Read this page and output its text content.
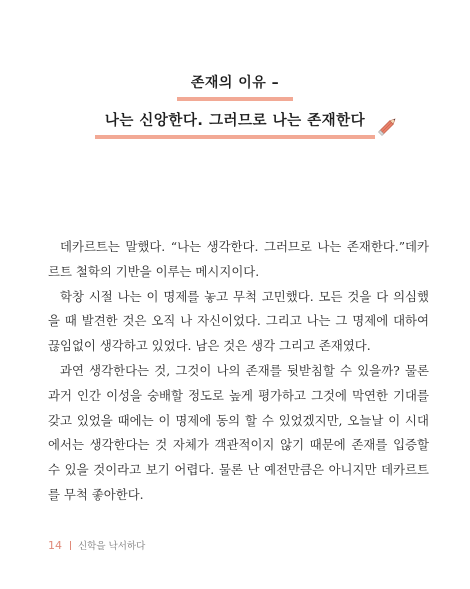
존재의 이유 –
나는 신앙한다. 그러므로 나는 존재한다

데카르트는 말했다. “나는 생각한다. 그러므로 나는 존재한다.”데카르트 철학의 기반을 이루는 메시지이다.

학창 시절 나는 이 명제를 놓고 무척 고민했다. 모든 것을 다 의심했을 때 발견한 것은 오직 나 자신이었다. 그리고 나는 그 명제에 대하여 끊임없이 생각하고 있었다. 남은 것은 생각 그리고 존재였다.

과연 생각한다는 것, 그것이 나의 존재를 뒷받침할 수 있을까? 물론 과거 인간 이성을 숭배할 정도로 높게 평가하고 그것에 막연한 기대를 갖고 있었을 때에는 이 명제에 동의 할 수 있었겠지만, 오늘날 이 시대에서는 생각한다는 것 자체가 객관적이지 않기 때문에 존재를 입증할 수 있을 것이라고 보기 어렵다. 물론 난 예전만큼은 아니지만 데카르트를 무척 좋아한다.

14 신학을 낙서하다
